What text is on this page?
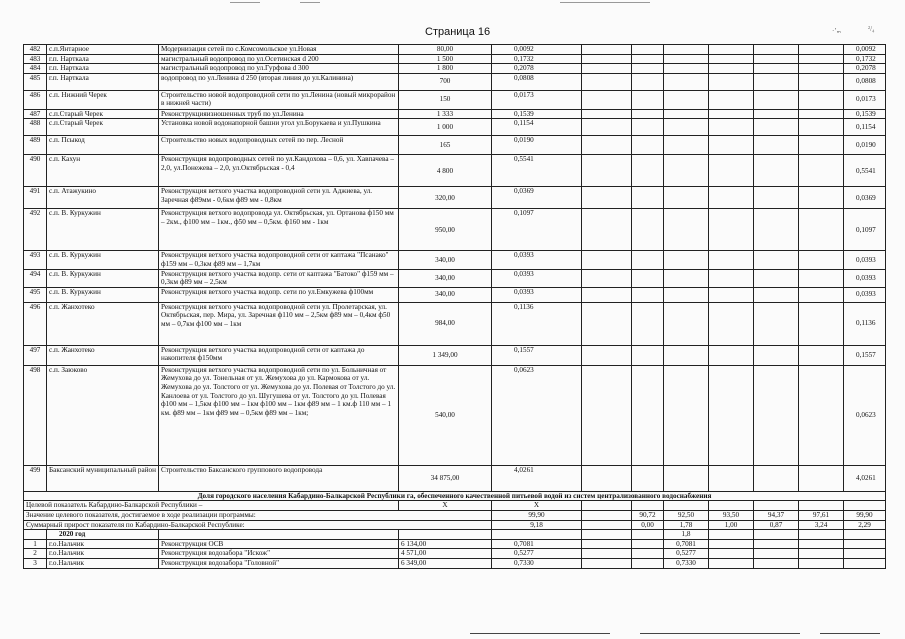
Страница 16	·’ₘ	²/₄
482	с.п.Янтарное	Модернизация сетей по с.Комсомольское ул.Новая	80,00	0,0092							0,0092
483	г.п. Нарткала	магистральный водопровод по ул.Осетинская d 200	1 500	0,1732							0,1732
484	г.п. Нарткала	магистральный водопровод по ул.Гурфова d 300	1 800	0,2078							0,2078
485	г.п. Нарткала	водопровод по ул.Ленина d 250 (вторая линия до ул.Калинина)	700	0,0808							0,0808
486	с.п. Нижний Черек	Строительство новой водопроводной сети по ул.Ленина (новый микрорайон в нижней части)	150	0,0173							0,0173
487	с.п.Старый Черек	Реконструкцияизношенных труб по ул.Ленина	1 333	0,1539							0,1539
488	с.п.Старый Черек	Установка новой водонапорной башни угол ул.Борукаева и ул.Пушкина	1 000	0,1154							0,1154
489	с.п. Псыкод	Строительство новых водопроводных сетей по пер. Лесной	165	0,0190							0,0190
490	с.п. Кахун	Реконструкция водопроводных сетей по ул.Кандохова – 0,6, ул. Хавпачева – 2,0, ул.Понежева – 2,0, ул.Октябрьская - 0,4	4 800	0,5541							0,5541
491	с.п. Атажукино	Реконструкция ветхого участка водопроводной сети ул. Аджиева, ул. Заречная ф89мм - 0,6км ф89 мм - 0,8км	320,00	0,0369							0,0369
492	с.п. В. Куркужин	Реконструкция ветхого водопровода ул. Октябрьская, ул. Ортанова ф150 мм – 2км., ф100 мм – 1км., ф50 мм – 0,5км. ф160 мм - 1км	950,00	0,1097							0,1097
493	с.п. В. Куркужин	Реконструкция ветхого участка водопроводной сети от каптажа "Псанако" ф159 мм – 0,3км ф89 мм – 1,7км	340,00	0,0393							0,0393
494	с.п. В. Куркужин	Реконструкция ветхого участка водопр. сети от каптажа "Батоко" ф159 мм – 0,3км ф89 мм – 2,5км	340,00	0,0393							0,0393
495	с.п. В. Куркужин	Реконструкция ветхого участка водопр. сети по ул.Емкужева ф100мм	340,00	0,0393							0,0393
496	с.п. Жанхотеко	Реконструкция ветхого участка водопроводной сети ул. Пролетарская, ул. Октябрьская, пер. Мира, ул. Заречная ф110 мм – 2,5км ф89 мм – 0,4км ф50 мм – 0,7км ф100 мм – 1км	984,00	0,1136							0,1136
497	с.п. Жанхотеко	Реконструкция ветхого участка водопроводной сети от каптажа до накопителя ф150мм	1 349,00	0,1557							0,1557
498	с.п. Заюково	Реконструкция ветхого участка водопроводной сети по ул. Больничная от Жемухова до ул. Тонельная от ул. Жемухова до ул. Кармокова от ул. Жемухова до ул. Толстого от ул. Жемухова до ул. Полевая от Толстого до ул. Канлоева от ул. Толстого до ул. Шугушева от ул. Толстого до ул. Полевая ф100 мм – 1,5км ф100 мм – 1км ф100 мм – 1км ф89 мм – 1 км.ф 110 мм – 1 км. ф89 мм – 1км ф89 мм – 0,5км ф89 мм – 1км;	540,00	0,0623							0,0623
499	Баксанский муниципальный район	Строительство Баксанского группового водопровода	34 875,00	4,0261							4,0261
Доля городского населения Кабардино-Балкарской Республики га, обеспеченного качественной питьевой водой из систем централизованного водоснабжения											
Целевой показатель Кабардино-Балкарской Республики –			X	X							
Значение целевого показателя, достигаемое в ходе реализации программы:				99,90		90,72	92,50	93,50	94,37	97,61	99,90
Суммарный прирост показателя по Кабардино-Балкарской Республике:				9,18		0,00	1,78	1,00	0,87	3,24	2,29
	2020 год						1,8				
1	г.о.Нальчик	Реконструкция ОСВ	6 134,00	0,7081			0,7081				
2	г.о.Нальчик	Реконструкция водозабора "Искож"	4 571,00	0,5277			0,5277				
3	г.о.Нальчик	Реконструкция водозабора "Головной"	6 349,00	0,7330			0,7330				
